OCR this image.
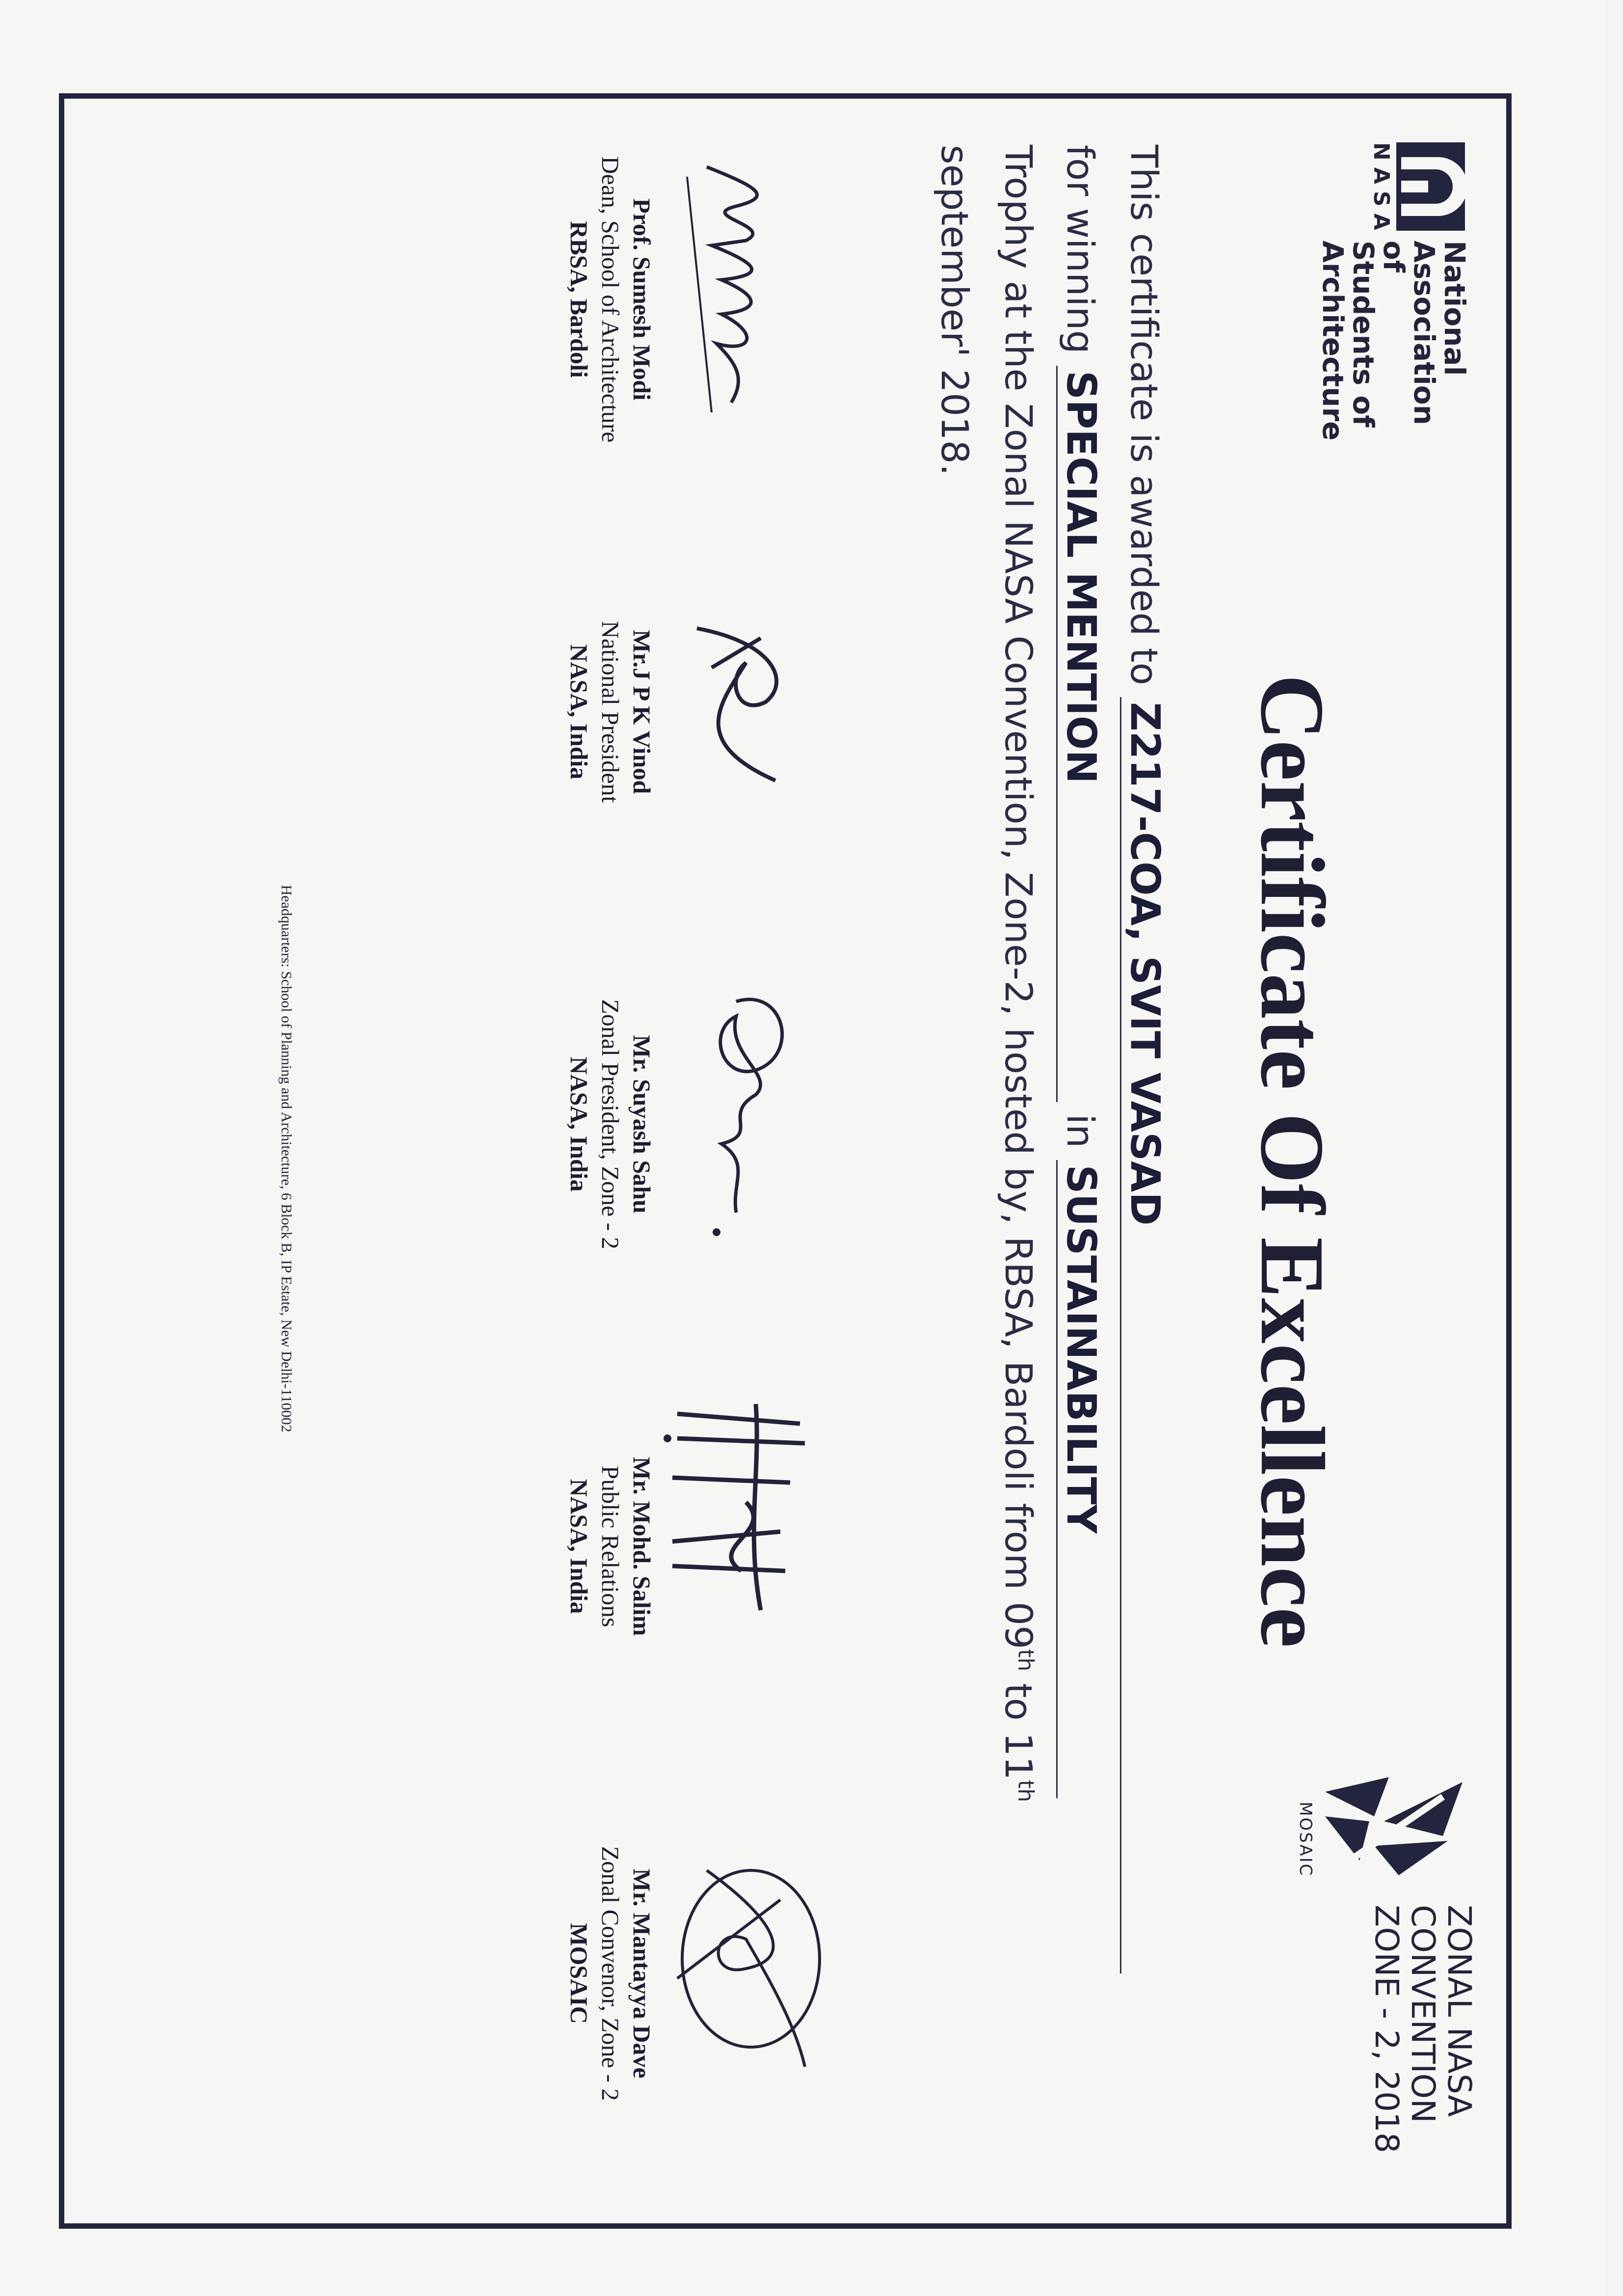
NASA
National
Association of
Students of
Architecture
MOSAIC
ZONAL NASA
CONVENTION
ZONE - 2, 2018
Certificate Of Excellence
This certificate is awarded to Z217-COA, SVIT VASAD
for winning SPECIAL MENTION in SUSTAINABILITY
Trophy at the Zonal NASA Convention, Zone-2, hosted by, RBSA, Bardoli from 09th to 11th
september' 2018.
Prof. Sumesh Modi
Dean, School of Architecture
RBSA, Bardoli
Mr.J P K Vinod
National President
NASA, India
Mr. Suyash Sahu
Zonal President, Zone - 2
NASA, India
Mr. Mohd. Salim
Public Relations
NASA, India
Mr. Mantayya Dave
Zonal Convenor, Zone - 2
MOSAIC
Headquarters: School of Planning and Architecture, 6 Block B, IP Estate, New Delhi-110002
